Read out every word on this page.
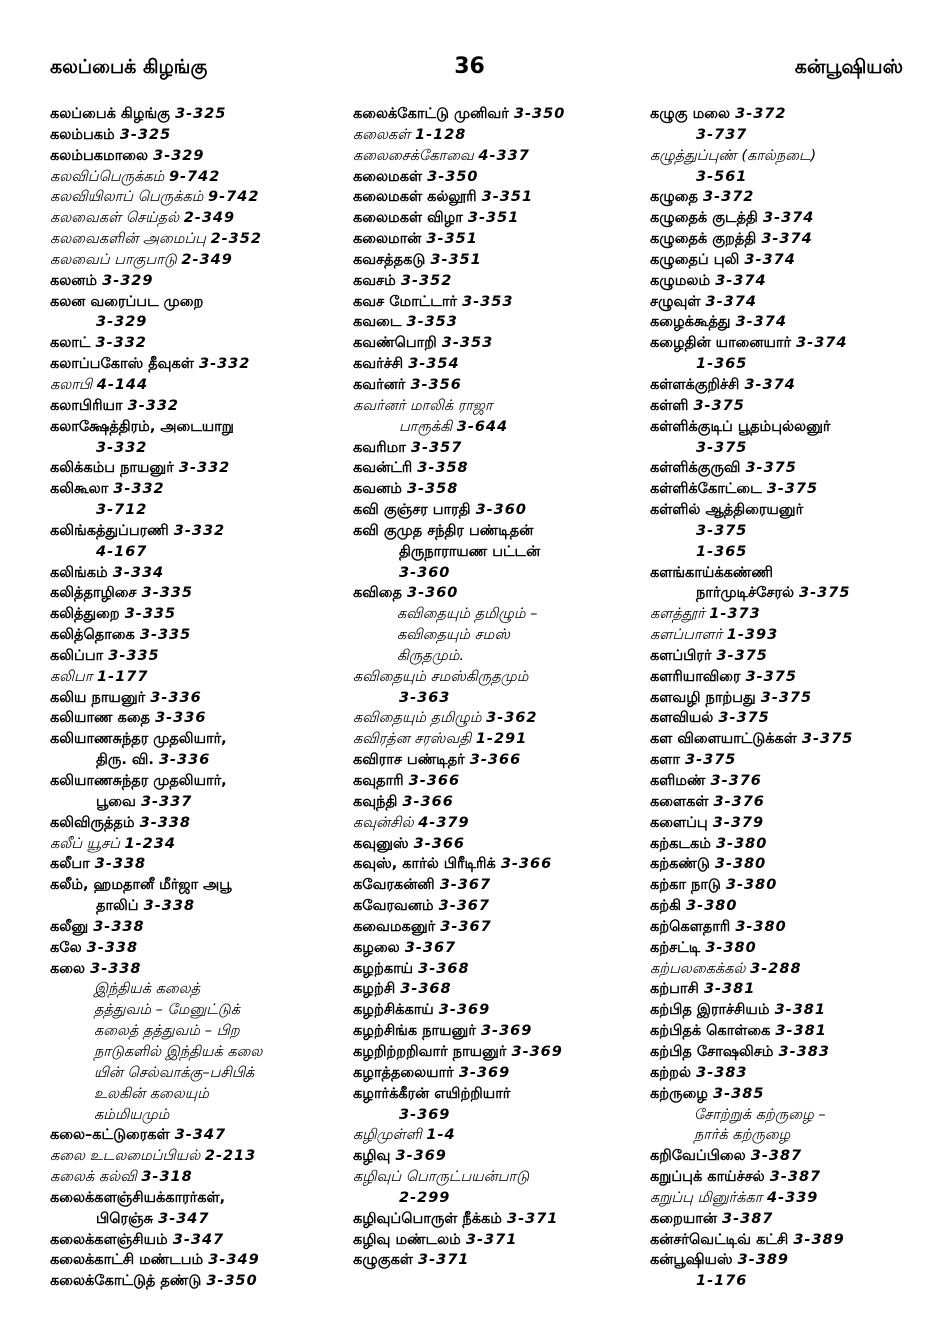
கலப்பைக் கிழங்கு	36	கன்பூஷியஸ்
கலப்பைக் கிழங்கு 3-325
கலம்பகம் 3-325
கலம்பகமாலை 3-329
கலவிப்பெருக்கம் 9-742
கலவியிலாப் பெருக்கம் 9-742
கலவைகள் செய்தல் 2-349
கலவைகளின் அமைப்பு 2-352
கலவைப் பாகுபாடு 2-349
கலனம் 3-329
கலன வரைப்பட முறை
3-329
கலாட் 3-332
கலாப்பகோஸ் தீவுகள் 3-332
கலாபி 4-144
கலாபிரியா 3-332
கலாக்ஷேத்திரம், அடையாறு
3-332
கலிக்கம்ப நாயனுர் 3-332
கலிகூலா 3-332
3-712
கலிங்கத்துப்பரணி 3-332
4-167
கலிங்கம் 3-334
கலித்தாழிசை 3-335
கலித்துறை 3-335
கலித்தொகை 3-335
கலிப்பா 3-335
கலிபா 1-177
கலிய நாயனுர் 3-336
கலியாண கதை 3-336
கலியாணசுந்தர முதலியார்,
திரு. வி. 3-336
கலியாணசுந்தர முதலியார்,
பூவை 3-337
கலிவிருத்தம் 3-338
கலீப் யூசப் 1-234
கலீபா 3-338
கலீம், ஹமதானீ மீர்ஜா அபூ
தாலிப் 3-338
கலீனு 3-338
கலே 3-338
கலை 3-338
இந்தியக் கலைத்
தத்துவம் – மேனுட்டுக்
கலைத் தத்துவம் – பிற
நாடுகளில் இந்தியக் கலை
யின் செல்வாக்கு–பசிபிக்
உலகின் கலையும்
கம்மியமும்
கலை–கட்டுரைகள் 3-347
கலை உடலமைப்பியல் 2-213
கலைக் கல்வி 3-318
கலைக்களஞ்சியக்காரர்கள்,
பிரெஞ்சு 3-347
கலைக்களஞ்சியம் 3-347
கலைக்காட்சி மண்டபம் 3-349
கலைக்கோட்டுத் தண்டு 3-350
கலைக்கோட்டு முனிவர் 3-350
கலைகள் 1-128
கலைசைக்கோவை 4-337
கலைமகள் 3-350
கலைமகள் கல்லூரி 3-351
கலைமகள் விழா 3-351
கலைமான் 3-351
கவசத்தகடு 3-351
கவசம் 3-352
கவச மோட்டார் 3-353
கவடை 3-353
கவண்பொறி 3-353
கவர்ச்சி 3-354
கவர்னர் 3-356
கவர்னர் மாலிக் ராஜா
பாரூக்கி 3-644
கவரிமா 3-357
கவன்ட்ரி 3-358
கவனம் 3-358
கவி குஞ்சர பாரதி 3-360
கவி குமுத சந்திர பண்டிதன்
திருநாராயண பட்டன்
3-360
கவிதை 3-360
கவிதையும் தமிழும் –
கவிதையும் சமஸ்
கிருதமும்.
கவிதையும் சமஸ்கிருதமும்
3-363
கவிதையும் தமிழும் 3-362
கவிரத்ன சரஸ்வதி 1-291
கவிராச பண்டிதர் 3-366
கவுதாரி 3-366
கவுந்தி 3-366
கவுன்சில் 4-379
கவுனுஸ் 3-366
கவுஸ், கார்ல் பிரீடிரிக் 3-366
கவேரகன்னி 3-367
கவேரவனம் 3-367
கவைமகனுர் 3-367
கழலை 3-367
கழற்காய் 3-368
கழற்சி 3-368
கழற்சிக்காய் 3-369
கழற்சிங்க நாயனுர் 3-369
கழறிற்றறிவார் நாயனுர் 3-369
கழாத்தலையார் 3-369
கழார்க்கீரன் எயிற்றியார்
3-369
கழிமுள்ளி 1-4
கழிவு 3-369
கழிவுப் பொருட்பயன்பாடு
2-299
கழிவுப்பொருள் நீக்கம் 3-371
கழிவு மண்டலம் 3-371
கழுகுகள் 3-371
கழுகு மலை 3-372
3-737
கழுத்துப்புண் (கால்நடை)
3-561
கழுதை 3-372
கழுதைக் குடத்தி 3-374
கழுதைக் குறத்தி 3-374
கழுதைப் புலி 3-374
கழுமலம் 3-374
சழுவுள் 3-374
கழைக்கூத்து 3-374
கழைதின் யானையார் 3-374
1-365
கள்ளக்குறிச்சி 3-374
கள்ளி 3-375
கள்ளிக்குடிப் பூதம்புல்லனுர்
3-375
கள்ளிக்குருவி 3-375
கள்ளிக்கோட்டை 3-375
கள்ளில் ஆத்திரையனுர்
3-375
1-365
களங்காய்க்கண்ணி
நார்முடிச்சேரல் 3-375
களத்தூர் 1-373
களப்பாளர் 1-393
களப்பிரர் 3-375
களரியாவிரை 3-375
களவழி நாற்பது 3-375
களவியல் 3-375
கள விளையாட்டுக்கள் 3-375
களா 3-375
களிமண் 3-376
களைகள் 3-376
களைப்பு 3-379
கற்கடகம் 3-380
கற்கண்டு 3-380
கற்கா நாடு 3-380
கற்கி 3-380
கற்கௌதாரி 3-380
கற்சட்டி 3-380
கற்பலகைக்கல் 3-288
கற்பாசி 3-381
கற்பித இராச்சியம் 3-381
கற்பிதக் கொள்கை 3-381
கற்பித சோஷலிசம் 3-383
கற்றல் 3-383
கற்ருழை 3-385
சோற்றுக் கற்ருழை –
நார்க் கற்ருழை
கறிவேப்பிலை 3-387
கறுப்புக் காய்ச்சல் 3-387
கறுப்பு மினுர்க்கா 4-339
கறையான் 3-387
கன்சர்வெட்டிவ் கட்சி 3-389
கன்பூஷியஸ் 3-389
1-176
